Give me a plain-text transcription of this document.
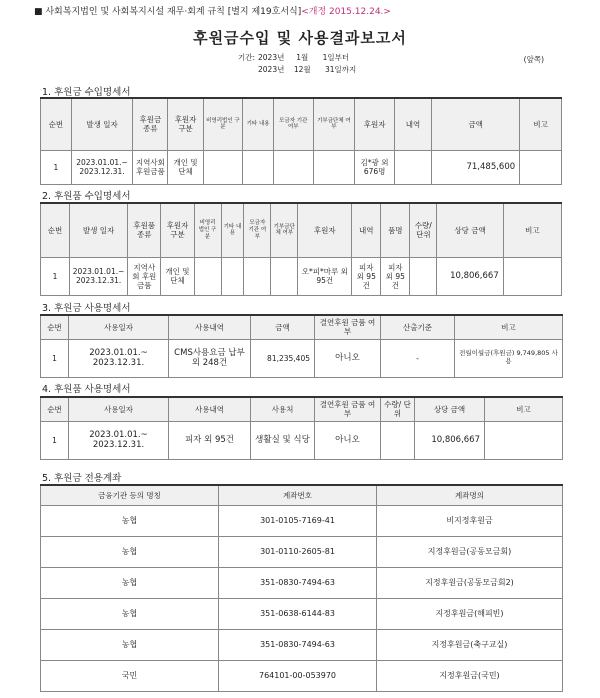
■ 사회복지법인 및 사회복지시설 재무·회계 규칙 [별지 제19호서식]<개정 2015.12.24.>
후원금수입 및 사용결과보고서
기간: 2023년     1월      1일부터
2023년    12월      31일까지
(앞쪽)
1. 후원금 수입명세서
순번	발생 일자	후원금 종류	후원자 구분	비영리법인 구분	기타 내용	모금자 기관 여부	기부금단체 여부	후원자	내역	금액	비고
1	2023.01.01.~ 2023.12.31.	지역사회 후원금품	개인 및 단체					김*광 외 676명		71,485,600	
2. 후원품 수입명세서
순번	발생 일자	후원품 종류	후원자 구분	비영리 법인 구분	기타 내용	모금자 기관 여부	기부금단 체 여부	후원자	내역	품명	수량/ 단위	상당 금액	비고
1	2023.01.01.~ 2023.12.31.	지역사회 후원금품	개인 및 단체					오*피*마루 외95건	피자 외 95건	피자 외 95건		10,806,667	
3. 후원금 사용명세서
순번	사용일자	사용내역	금액	결연후원 금품 여부	산출기준	비고
1	2023.01.01.~ 2023.12.31.	CMS사용요금 납부 외 248건	81,235,405	아니오	-	전월이월금(후원금) 9,749,805 사용
4. 후원품 사용명세서
순번	사용일자	사용내역	사용처	결연후원 금품 여부	수량/ 단위	상당 금액	비고
1	2023.01.01.~ 2023.12.31.	피자 외 95건	생활실 및 식당	아니오		10,806,667	
5. 후원금 전용계좌
금융기관 등의 명칭	계좌번호	계좌명의
농협	301-0105-7169-41	비지정후원금
농협	301-0110-2605-81	지정후원금(공동모금회)
농협	351-0830-7494-63	지정후원금(공동모금회2)
농협	351-0638-6144-83	지정후원금(해피빈)
농협	351-0830-7494-63	지정후원금(축구교실)
국민	764101-00-053970	지정후원금(국민)
